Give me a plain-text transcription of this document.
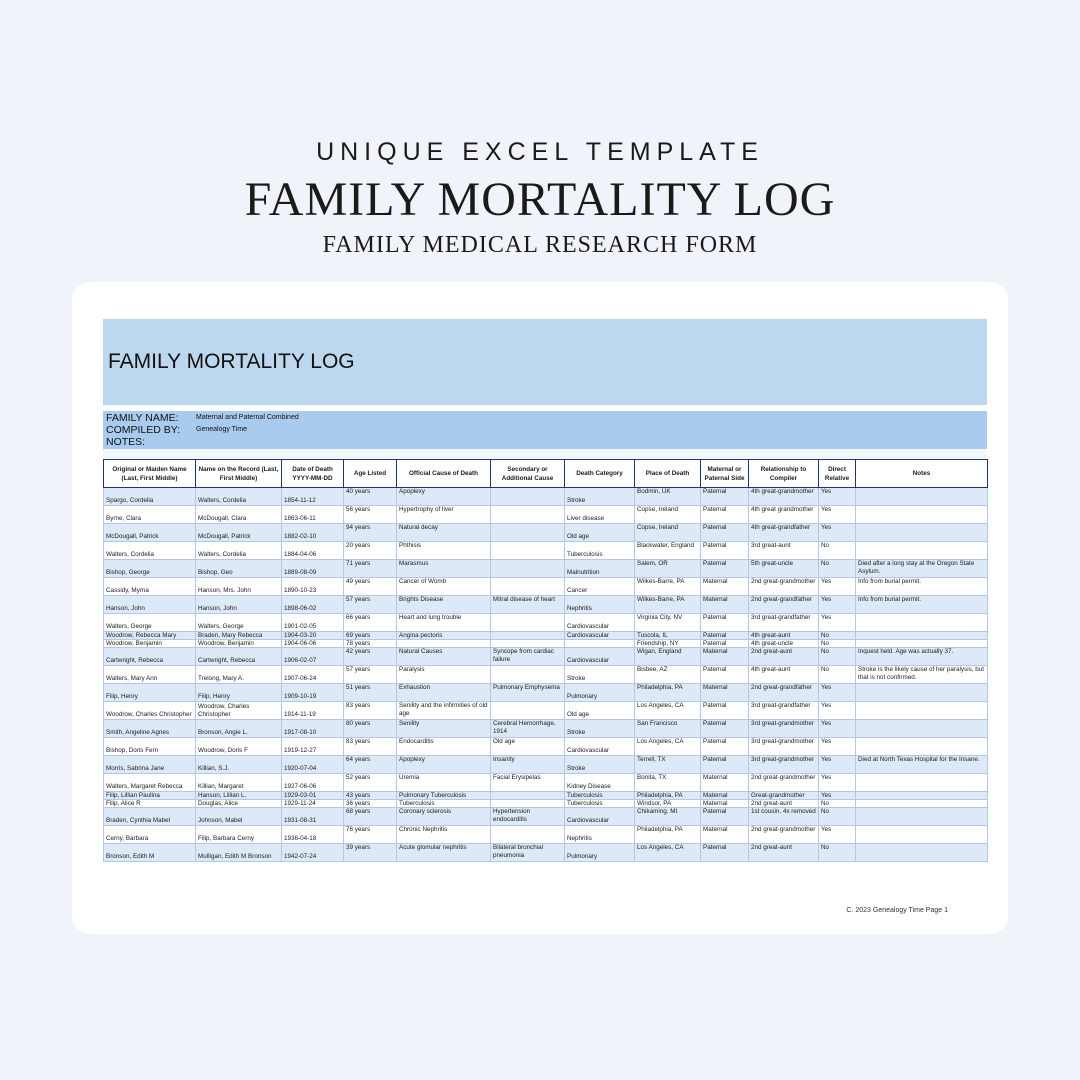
UNIQUE EXCEL TEMPLATE
FAMILY MORTALITY LOG
FAMILY MEDICAL RESEARCH FORM
FAMILY MORTALITY LOG
FAMILY NAME: Maternal and Paternal Combined
COMPILED BY: Genealogy Time
NOTES:
Original or Maiden Name (Last, First Middle)	Name on the Record (Last, First Middle)	Date of Death YYYY-MM-DD	Age Listed	Official Cause of Death	Secondary or Additional Cause	Death Category	Place of Death	Maternal or Paternal Side	Relationship to Compiler	Direct Relative	Notes
Spargo, Cordelia	Walters, Cordelia	1854-11-12	40 years	Apoplexy		Stroke	Bodmin, UK	Paternal	4th great-grandmother	Yes	
Byrne, Clara	McDougall, Clara	1863-06-11	56 years	Hypertrophy of liver		Liver disease	Copse, Ireland	Paternal	4th great grandmother	Yes	
McDougall, Patrick	McDougall, Patrick	1882-02-10	94 years	Natural decay		Old age	Copse, Ireland	Paternal	4th great-grandfather	Yes	
Walters, Cordelia	Walters, Cordelia	1884-04-06	20 years	Phthisis		Tuberculosis	Blackwater, England	Paternal	3rd great-aunt	No	
Bishop, George	Bishop, Geo	1889-08-09	71 years	Marasmus		Malnutrition	Salem, OR	Paternal	5th great-uncle	No	Died after a long stay at the Oregon State Asylum.
Cassidy, Myrna	Hanson, Mrs. John	1890-10-23	49 years	Cancer of Womb		Cancer	Wilkes-Barre, PA	Maternal	2nd great-grandmother	Yes	Info from burial permit.
Hanson, John	Hanson, John	1898-06-02	57 years	Brights Disease	Mitral disease of heart	Nephritis	Wilkes-Barre, PA	Maternal	2nd great-grandfather	Yes	Info from burial permit.
Walters, George	Walters, George	1901-02-05	66 years	Heart and lung trouble		Cardiovascular	Virginia City, NV	Paternal	3rd great-grandfather	Yes	
Woodrow, Rebecca Mary	Braden, Mary Rebecca	1904-03-20	69 years	Angina pectoris		Cardiovascular	Tuscola, IL	Paternal	4th great-aunt	No	
Woodrow, Benjamin	Woodrow, Benjamin	1904-06-06	78 years				Friendship, NY	Paternal	4th great-uncle	No	
Cartwright, Rebecca	Cartwright, Rebecca	1906-02-07	42 years	Natural Causes	Syncope from cardiac failure	Cardiovascular	Wigan, England	Maternal	2nd great-aunt	No	Inquest held. Age was actually 37.
Walters, Mary Ann	Trelong, Mary A.	1907-06-24	57 years	Paralysis		Stroke	Bisbee, AZ	Paternal	4th great-aunt	No	Stroke is the likely cause of her paralysis, but that is not confirmed.
Filip, Henry	Filip, Henry	1909-10-19	51 years	Exhaustion	Pulmonary Emphysema	Pulmonary	Philadelphia, PA	Maternal	2nd great-grandfather	Yes	
Woodrow, Charles Christopher	Woodrow, Charles Christopher	1914-11-19	83 years	Senility and the infirmities of old age		Old age	Los Angeles, CA	Paternal	3rd great-grandfather	Yes	
Smith, Angeline Agnes	Bronson, Angie L.	1917-08-10	80 years	Senility	Cerebral Hemorrhage, 1914	Stroke	San Francisco	Paternal	3rd great-grandmother	Yes	
Bishop, Doris Fern	Woodrow, Doris F	1919-12-27	83 years	Endocarditis	Old age	Cardiovascular	Los Angeles, CA	Paternal	3rd great-grandmother	Yes	
Morris, Sabrina Jane	Killian, S.J.	1920-07-04	64 years	Apoplexy	Insanity	Stroke	Terrell, TX	Paternal	3rd great-grandmother	Yes	Died at North Texas Hospital for the Insane.
Walters, Margaret Rebecca	Killian, Margaret	1927-06-06	52 years	Uremia	Facial Erysipelas	Kidney Disease	Bonita, TX	Maternal	2nd great-grandmother	Yes	
Filip, Lillian Paulina	Hanson, Lillian L.	1929-03-01	43 years	Pulmonary Tuberculosis		Tuberculosis	Philadelphia, PA	Maternal	Great-grandmother	Yes	
Filip, Alice R	Douglas, Alice	1929-11-24	36 years	Tuberculosis		Tuberculosis	Windsor, PA	Maternal	2nd great-aunt	No	
Braden, Cynthia Mabel	Johnson, Mabel	1931-08-31	68 years	Coronary sclerosis	Hypertension endocarditis	Cardiovascular	Chikaming, MI	Paternal	1st cousin, 4x removed	No	
Cerny, Barbara	Filip, Barbara Cerny	1936-04-18	76 years	Chronic Nephritis		Nephritis	Philadelphia, PA	Maternal	2nd great-grandmother	Yes	
Bronson, Edith M	Mulligan, Edith M Bronson	1942-07-24	39 years	Acute glomular nephritis	Bilateral bronchial pneumonia	Pulmonary	Los Angeles, CA	Paternal	2nd great-aunt	No	
C. 2023 Genealogy Time Page 1
